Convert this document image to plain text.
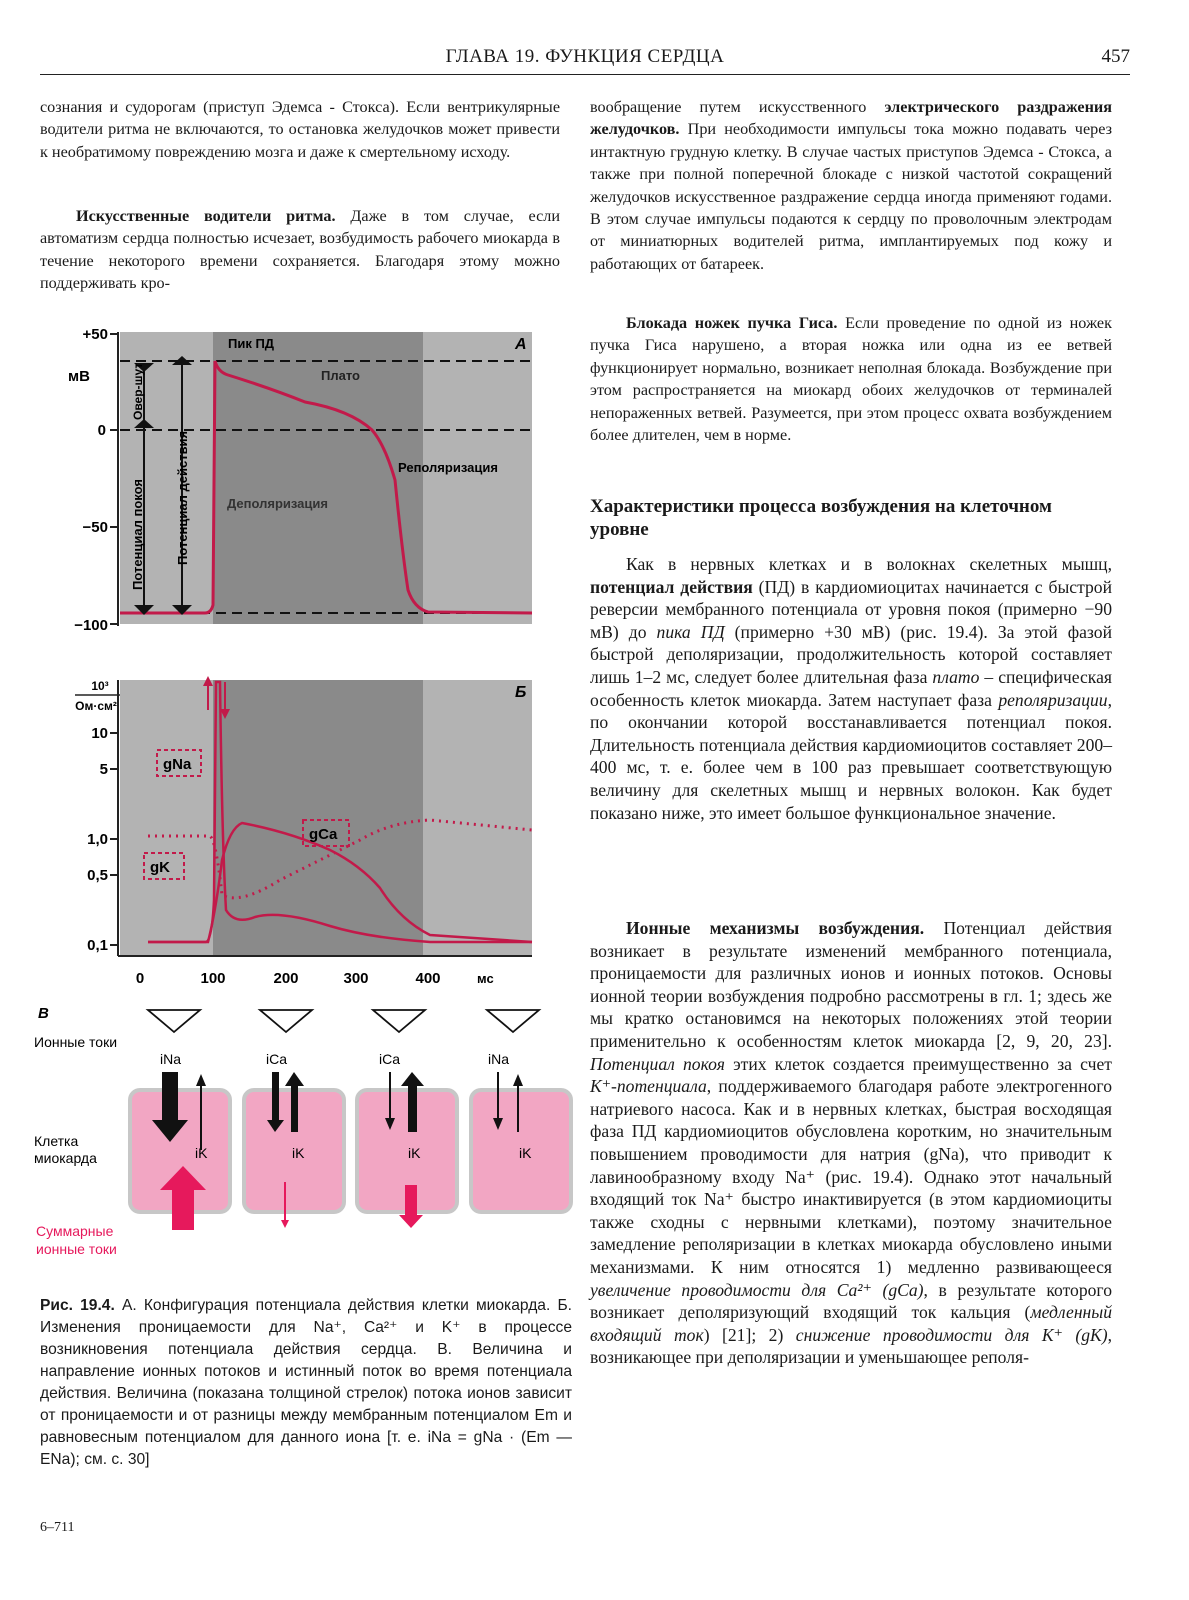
ГЛАВА 19. ФУНКЦИЯ СЕРДЦА	457

сознания и судорогам (приступ Эдемса - Стокса). Если вентрикулярные водители ритма не включаются, то остановка желудочков может привести к необратимому повреждению мозга и даже к смертельному исходу.

Искусственные водители ритма. Даже в том случае, если автоматизм сердца полностью исчезает, возбудимость рабочего миокарда в течение некоторого времени сохраняется. Благодаря этому можно поддерживать кро-

вообращение путем искусственного электрического раздражения желудочков. При необходимости импульсы тока можно подавать через интактную грудную клетку. В случае частых приступов Эдемса - Стокса, а также при полной поперечной блокаде с низкой частотой сокращений желудочков искусственное раздражение сердца иногда применяют годами. В этом случае импульсы подаются к сердцу по проволочным электродам от миниатюрных водителей ритма, имплантируемых под кожу и работающих от батареек.

Блокада ножек пучка Гиса. Если проведение по одной из ножек пучка Гиса нарушено, а вторая ножка или одна из ее ветвей функционирует нормально, возникает неполная блокада. Возбуждение при этом распространяется на миокард обоих желудочков от терминалей непораженных ветвей. Разумеется, при этом процесс охвата возбуждением более длителен, чем в норме.

Характеристики процесса возбуждения на клеточном уровне

Как в нервных клетках и в волокнах скелетных мышц, потенциал действия (ПД) в кардиомиоцитах начинается с быстрой реверсии мембранного потенциала от уровня покоя (примерно −90 мВ) до пика ПД (примерно +30 мВ) (рис. 19.4). За этой фазой быстрой деполяризации, продолжительность которой составляет лишь 1–2 мс, следует более длительная фаза плато – специфическая особенность клеток миокарда. Затем наступает фаза реполяризации, по окончании которой восстанавливается потенциал покоя. Длительность потенциала действия кардиомиоцитов составляет 200–400 мс, т. е. более чем в 100 раз превышает соответствующую величину для скелетных мышц и нервных волокон. Как будет показано ниже, это имеет большое функциональное значение.

Ионные механизмы возбуждения. Потенциал действия возникает в результате изменений мембранного потенциала, проницаемости для различных ионов и ионных потоков. Основы ионной теории возбуждения подробно рассмотрены в гл. 1; здесь же мы кратко остановимся на некоторых положениях этой теории применительно к особенностям клеток миокарда [2, 9, 20, 23]. Потенциал покоя этих клеток создается преимущественно за счет K⁺-потенциала, поддерживаемого благодаря работе электрогенного натриевого насоса. Как и в нервных клетках, быстрая восходящая фаза ПД кардиомиоцитов обусловлена коротким, но значительным повышением проводимости для натрия (gNa), что приводит к лавинообразному входу Na⁺ (рис. 19.4). Однако этот начальный входящий ток Na⁺ быстро инактивируется (в этом кардиомиоциты также сходны с нервными клетками), поэтому значительное замедление реполяризации в клетках миокарда обусловлено иными механизмами. К ним относятся 1) медленно развивающееся увеличение проводимости для Ca²⁺ (gCa), в результате которого возникает деполяризующий входящий ток кальция (медленный входящий ток) [21]; 2) снижение проводимости для K⁺ (gK), возникающее при деполяризации и уменьшающее реполя-

+50
мВ
0
−50
−100
Потенциал покоя Потенциал действия
Овер-шут
Пик ПД
Плато
Реполяризация
Деполяризация
А
10³
Ом·см²
10
5
1,0
0,5
0,1
0	100	200	300	400	мс
gNa
gCa
gK
Б
В
Ионные токи
Клетка
миокарда
Суммарные
ионные токи
iNa
iK
iCa
iK
iCa
iK
iNa
iK

Рис. 19.4. А. Конфигурация потенциала действия клетки миокарда. Б. Изменения проницаемости для Na⁺, Ca²⁺ и K⁺ в процессе возникновения потенциала действия сердца. В. Величина и направление ионных потоков и истинный поток во время потенциала действия. Величина (показана толщиной стрелок) потока ионов зависит от проницаемости и от разницы между мембранным потенциалом Em и равновесным потенциалом для данного иона [т. е. iNa = gNa · (Em — ENa); см. с. 30]

6–711
